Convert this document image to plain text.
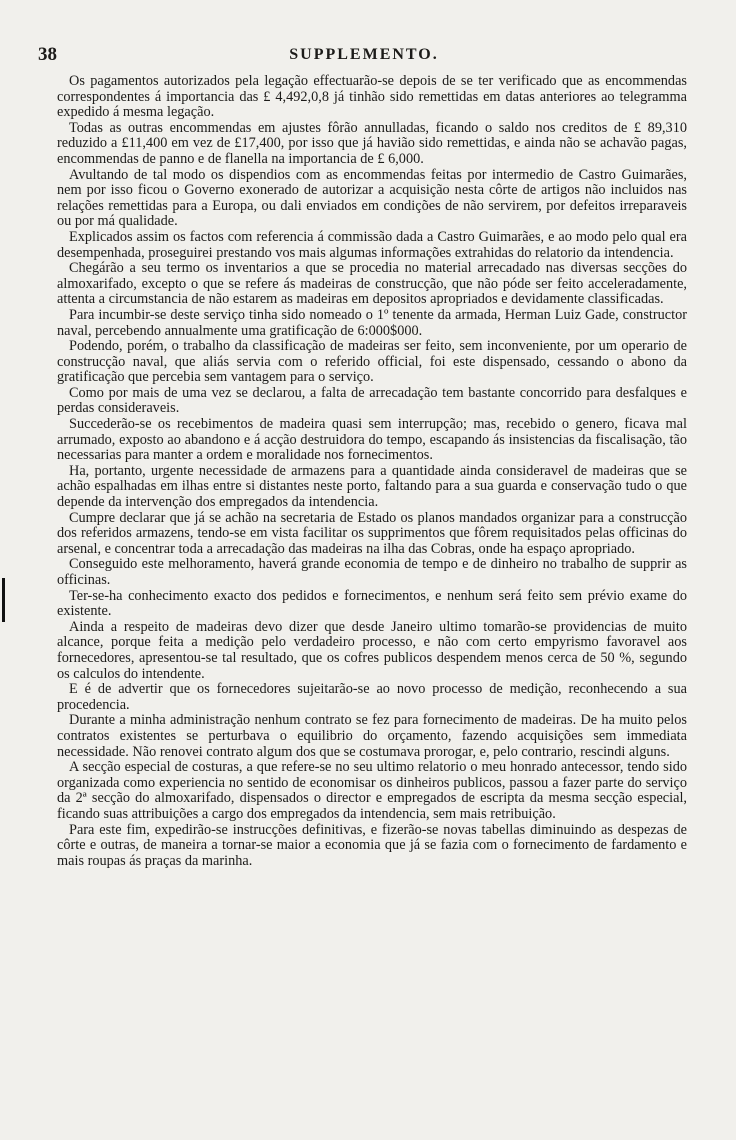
38	SUPPLEMENTO.

Os pagamentos autorizados pela legação effectuarão-se depois de se ter verificado que as encommendas correspondentes á importancia das £ 4,492,0,8 já tinhão sido remettidas em datas anteriores ao telegramma expedido á mesma legação.

Todas as outras encommendas em ajustes fôrão annulladas, ficando o saldo nos creditos de £ 89,310 reduzido a £11,400 em vez de £17,400, por isso que já havião sido remettidas, e ainda não se achavão pagas, encommendas de panno e de flanella na importancia de £ 6,000.

Avultando de tal modo os dispendios com as encommendas feitas por intermedio de Castro Guimarães, nem por isso ficou o Governo exonerado de autorizar a acquisição nesta côrte de artigos não incluidos nas relações remettidas para a Europa, ou dali enviados em condições de não servirem, por defeitos irreparaveis ou por má qualidade.

Explicados assim os factos com referencia á commissão dada a Castro Guimarães, e ao modo pelo qual era desempenhada, proseguirei prestando vos mais algumas informações extrahidas do relatorio da intendencia.

Chegárão a seu termo os inventarios a que se procedia no material arrecadado nas diversas secções do almoxarifado, excepto o que se refere ás madeiras de construcção, que não póde ser feito acceleradamente, attenta a circumstancia de não estarem as madeiras em depositos apropriados e devidamente classificadas.

Para incumbir-se deste serviço tinha sido nomeado o 1º tenente da armada, Herman Luiz Gade, constructor naval, percebendo annualmente uma gratificação de 6:000$000.

Podendo, porém, o trabalho da classificação de madeiras ser feito, sem inconveniente, por um operario de construcção naval, que aliás servia com o referido official, foi este dispensado, cessando o abono da gratificação que percebia sem vantagem para o serviço.

Como por mais de uma vez se declarou, a falta de arrecadação tem bastante concorrido para desfalques e perdas consideraveis.

Succederão-se os recebimentos de madeira quasi sem interrupção; mas, recebido o genero, ficava mal arrumado, exposto ao abandono e á acção destruidora do tempo, escapando ás insistencias da fiscalisação, tão necessarias para manter a ordem e moralidade nos fornecimentos.

Ha, portanto, urgente necessidade de armazens para a quantidade ainda consideravel de madeiras que se achão espalhadas em ilhas entre si distantes neste porto, faltando para a sua guarda e conservação tudo o que depende da intervenção dos empregados da intendencia.

Cumpre declarar que já se achão na secretaria de Estado os planos mandados organizar para a construcção dos referidos armazens, tendo-se em vista facilitar os supprimentos que fôrem requisitados pelas officinas do arsenal, e concentrar toda a arrecadação das madeiras na ilha das Cobras, onde ha espaço apropriado.

Conseguido este melhoramento, haverá grande economia de tempo e de dinheiro no trabalho de supprir as officinas.

Ter-se-ha conhecimento exacto dos pedidos e fornecimentos, e nenhum será feito sem prévio exame do existente.

Ainda a respeito de madeiras devo dizer que desde Janeiro ultimo tomarão-se providencias de muito alcance, porque feita a medição pelo verdadeiro processo, e não com certo empyrismo favoravel aos fornecedores, apresentou-se tal resultado, que os cofres publicos despendem menos cerca de 50 %, segundo os calculos do intendente.

E é de advertir que os fornecedores sujeitarão-se ao novo processo de medição, reconhecendo a sua procedencia.

Durante a minha administração nenhum contrato se fez para fornecimento de madeiras. De ha muito pelos contratos existentes se perturbava o equilibrio do orçamento, fazendo acquisições sem immediata necessidade. Não renovei contrato algum dos que se costumava prorogar, e, pelo contrario, rescindi alguns.

A secção especial de costuras, a que refere-se no seu ultimo relatorio o meu honrado antecessor, tendo sido organizada como experiencia no sentido de economisar os dinheiros publicos, passou a fazer parte do serviço da 2ª secção do almoxarifado, dispensados o director e empregados de escripta da mesma secção especial, ficando suas attribuições a cargo dos empregados da intendencia, sem mais retribuição.

Para este fim, expedirão-se instrucções definitivas, e fizerão-se novas tabellas diminuindo as despezas de côrte e outras, de maneira a tornar-se maior a economia que já se fazia com o fornecimento de fardamento e mais roupas ás praças da marinha.
